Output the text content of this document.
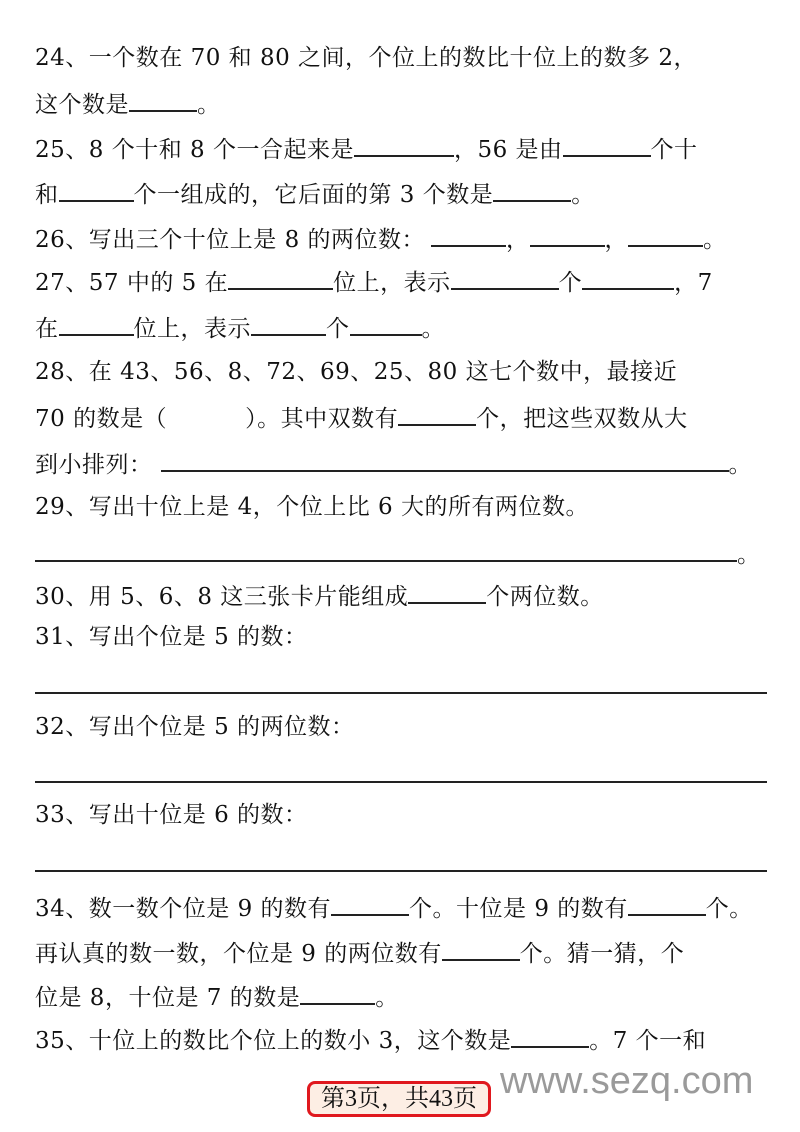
24、一个数在 70 和 80 之间，个位上的数比十位上的数多 2，
这个数是	。
25、8 个十和 8 个一合起来是	，56 是由	个十
和	个一组成的，它后面的第 3 个数是	。
26、写出三个十位上是 8 的两位数：	，	，	。
27、57 中的 5 在	位上，表示	个	，7
在	位上，表示	个	。
28、在 43、56、8、72、69、25、80 这七个数中，最接近
70 的数是（	）。其中双数有	个，把这些双数从大
到小排列：	。
29、写出十位上是 4，个位上比 6 大的所有两位数。
。
30、用 5、6、8 这三张卡片能组成	个两位数。
31、写出个位是 5 的数：
32、写出个位是 5 的两位数：
33、写出十位是 6 的数：
34、数一数个位是 9 的数有	个。十位是 9 的数有	个。
再认真的数一数，个位是 9 的两位数有	个。猜一猜，个
位是 8，十位是 7 的数是	。
35、十位上的数比个位上的数小 3，这个数是	。7 个一和
第3页，共43页 www.sezq.com
